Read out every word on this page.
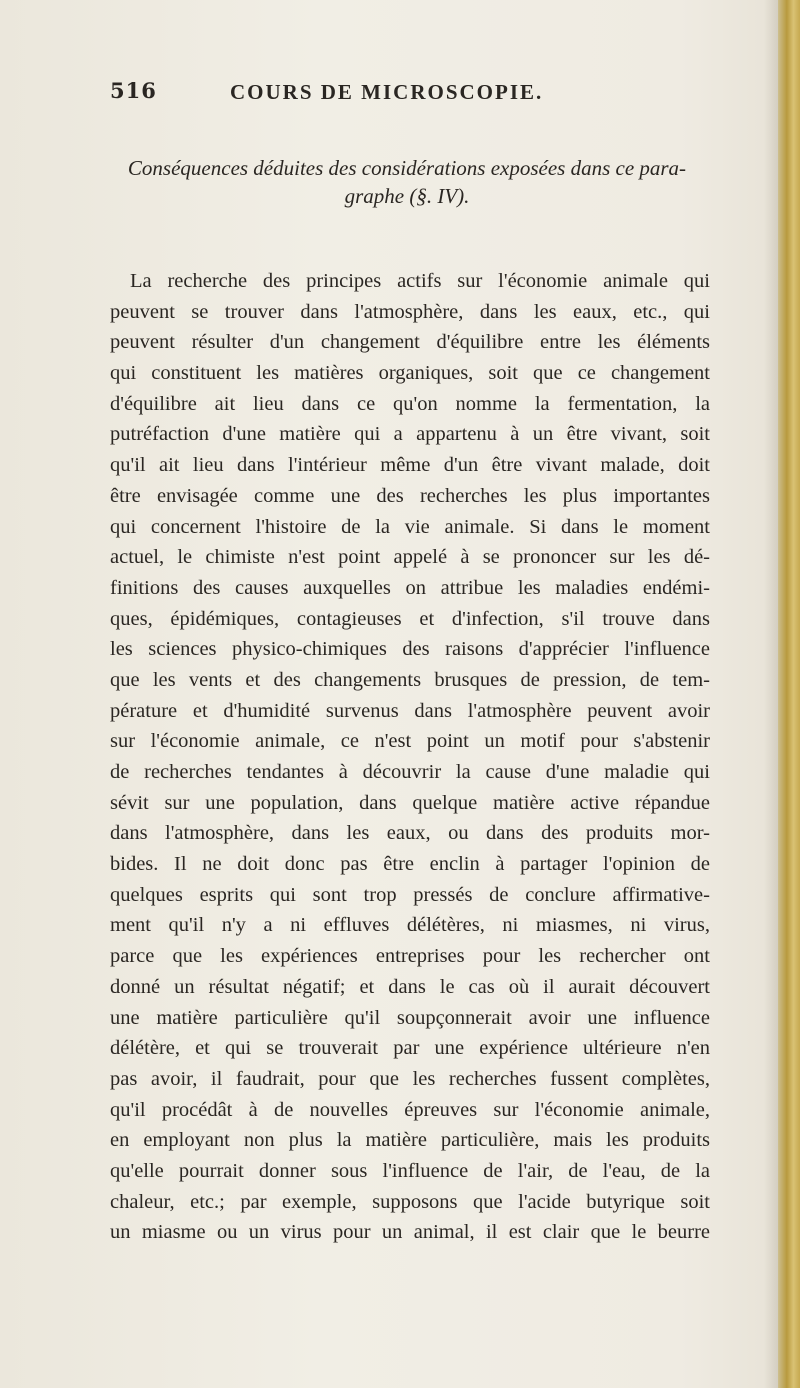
516	COURS DE MICROSCOPIE.

Conséquences déduites des considérations exposées dans ce para-
graphe (§. IV).
La recherche des principes actifs sur l'économie animale qui
peuvent se trouver dans l'atmosphère, dans les eaux, etc., qui
peuvent résulter d'un changement d'équilibre entre les éléments
qui constituent les matières organiques, soit que ce changement
d'équilibre ait lieu dans ce qu'on nomme la fermentation, la
putréfaction d'une matière qui a appartenu à un être vivant, soit
qu'il ait lieu dans l'intérieur même d'un être vivant malade, doit
être envisagée comme une des recherches les plus importantes
qui concernent l'histoire de la vie animale. Si dans le moment
actuel, le chimiste n'est point appelé à se prononcer sur les dé-
finitions des causes auxquelles on attribue les maladies endémi-
ques, épidémiques, contagieuses et d'infection, s'il trouve dans
les sciences physico-chimiques des raisons d'apprécier l'influence
que les vents et des changements brusques de pression, de tem-
pérature et d'humidité survenus dans l'atmosphère peuvent avoir
sur l'économie animale, ce n'est point un motif pour s'abstenir
de recherches tendantes à découvrir la cause d'une maladie qui
sévit sur une population, dans quelque matière active répandue
dans l'atmosphère, dans les eaux, ou dans des produits mor-
bides. Il ne doit donc pas être enclin à partager l'opinion de
quelques esprits qui sont trop pressés de conclure affirmative-
ment qu'il n'y a ni effluves délétères, ni miasmes, ni virus,
parce que les expériences entreprises pour les rechercher ont
donné un résultat négatif; et dans le cas où il aurait découvert
une matière particulière qu'il soupçonnerait avoir une influence
délétère, et qui se trouverait par une expérience ultérieure n'en
pas avoir, il faudrait, pour que les recherches fussent complètes,
qu'il procédât à de nouvelles épreuves sur l'économie animale,
en employant non plus la matière particulière, mais les produits
qu'elle pourrait donner sous l'influence de l'air, de l'eau, de la
chaleur, etc.; par exemple, supposons que l'acide butyrique soit
un miasme ou un virus pour un animal, il est clair que le beurre
